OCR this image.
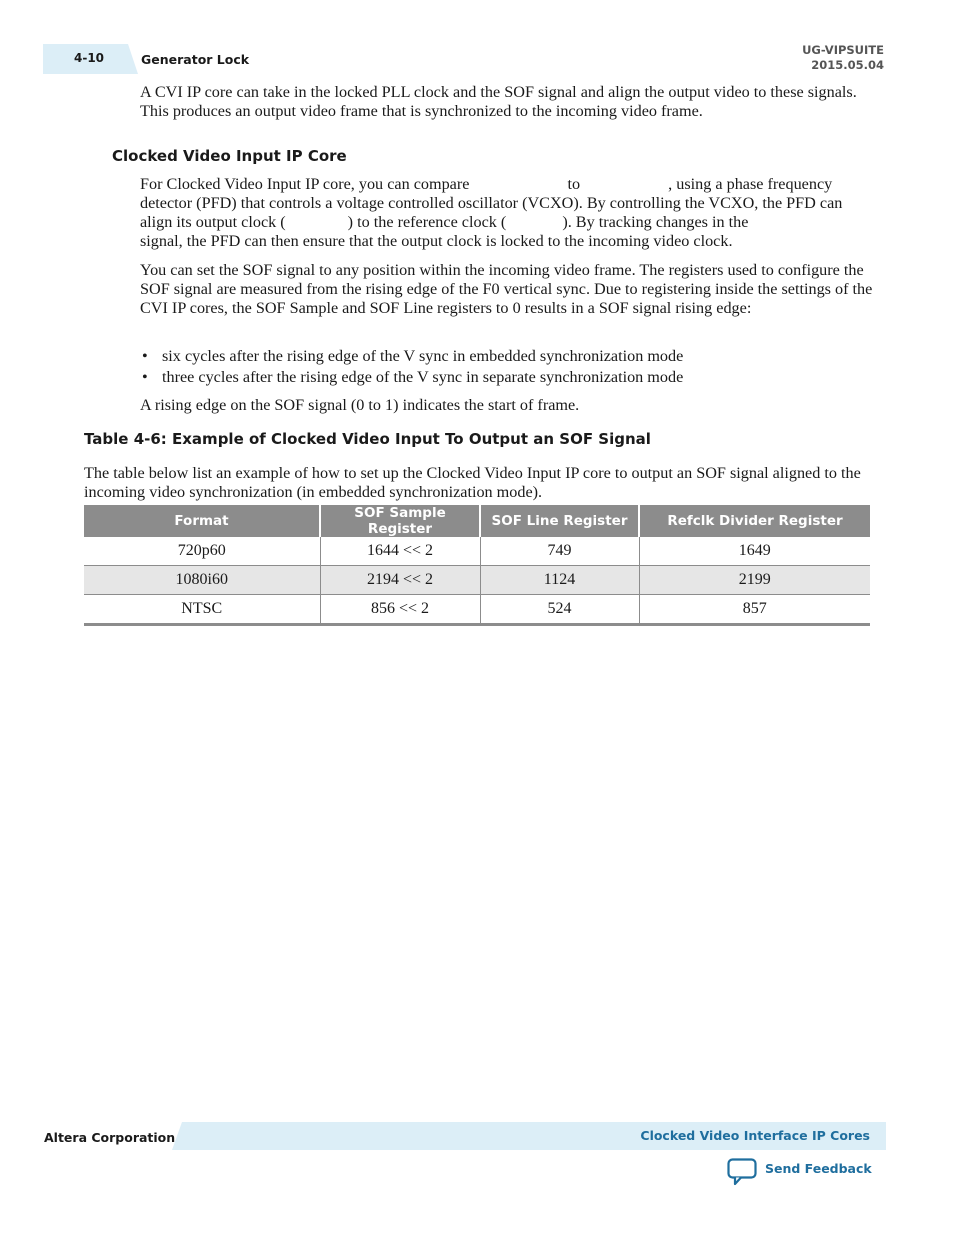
4-10	Generator Lock
UG-VIPSUITE
2015.05.04

A CVI IP core can take in the locked PLL clock and the SOF signal and align the output video to these signals. This produces an output video frame that is synchronized to the incoming video frame.

Clocked Video Input IP Core

For Clocked Video Input IP core, you can compare	to	, using a phase frequency detector (PFD) that controls a voltage controlled oscillator (VCXO). By controlling the VCXO, the PFD can align its output clock (	) to the reference clock (	). By tracking changes in the  signal, the PFD can then ensure that the output clock is locked to the incoming video clock.

You can set the SOF signal to any position within the incoming video frame. The registers used to configure the SOF signal are measured from the rising edge of the F0 vertical sync. Due to registering inside the settings of the CVI IP cores, the SOF Sample and SOF Line registers to 0 results in a SOF signal rising edge:

• six cycles after the rising edge of the V sync in embedded synchronization mode
• three cycles after the rising edge of the V sync in separate synchronization mode

A rising edge on the SOF signal (0 to 1) indicates the start of frame.

Table 4-6: Example of Clocked Video Input To Output an SOF Signal

The table below list an example of how to set up the Clocked Video Input IP core to output an SOF signal aligned to the incoming video synchronization (in embedded synchronization mode).

Format	SOF Sample Register	SOF Line Register	Refclk Divider Register
720p60	1644 << 2	749	1649
1080i60	2194 << 2	1124	2199
NTSC	856 << 2	524	857
Altera Corporation	Clocked Video Interface IP Cores
Send Feedback
